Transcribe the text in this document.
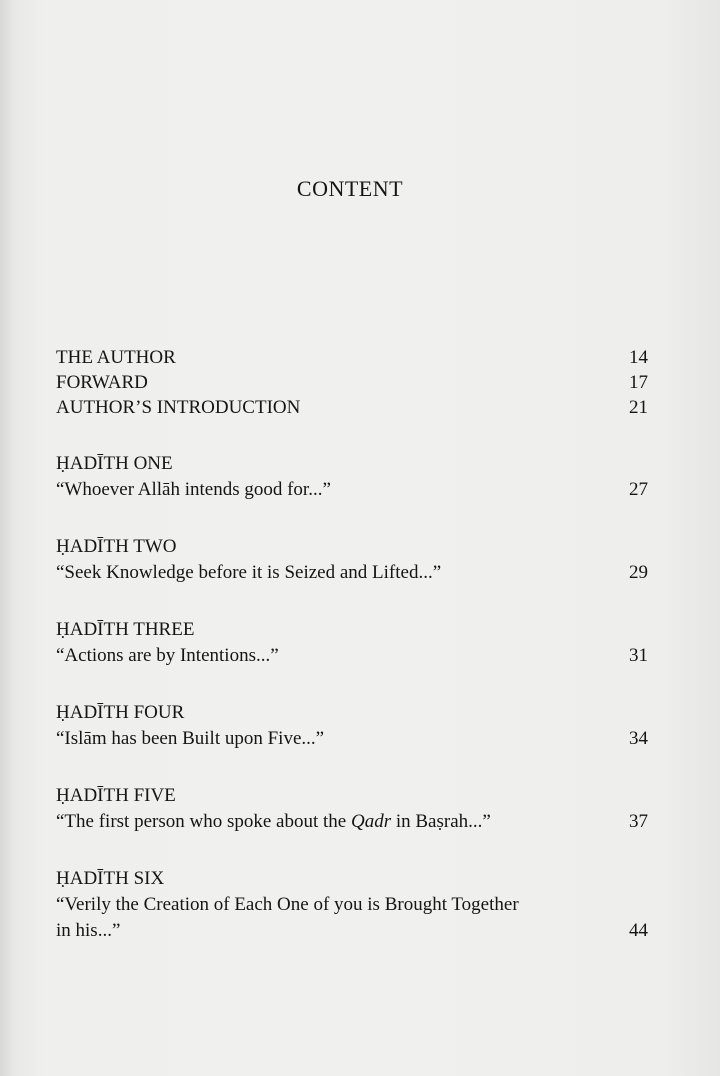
CONTENT
THE AUTHOR	14
FORWARD	17
AUTHOR’S INTRODUCTION	21
ḤADĪTH ONE
“Whoever Allāh intends good for...”	27
ḤADĪTH TWO
“Seek Knowledge before it is Seized and Lifted...”	29
ḤADĪTH THREE
“Actions are by Intentions...”	31
ḤADĪTH FOUR
“Islām has been Built upon Five...”	34
ḤADĪTH FIVE
“The first person who spoke about the Qadr in Baṣrah...”	37
ḤADĪTH SIX
“Verily the Creation of Each One of you is Brought Together in his...”	44
